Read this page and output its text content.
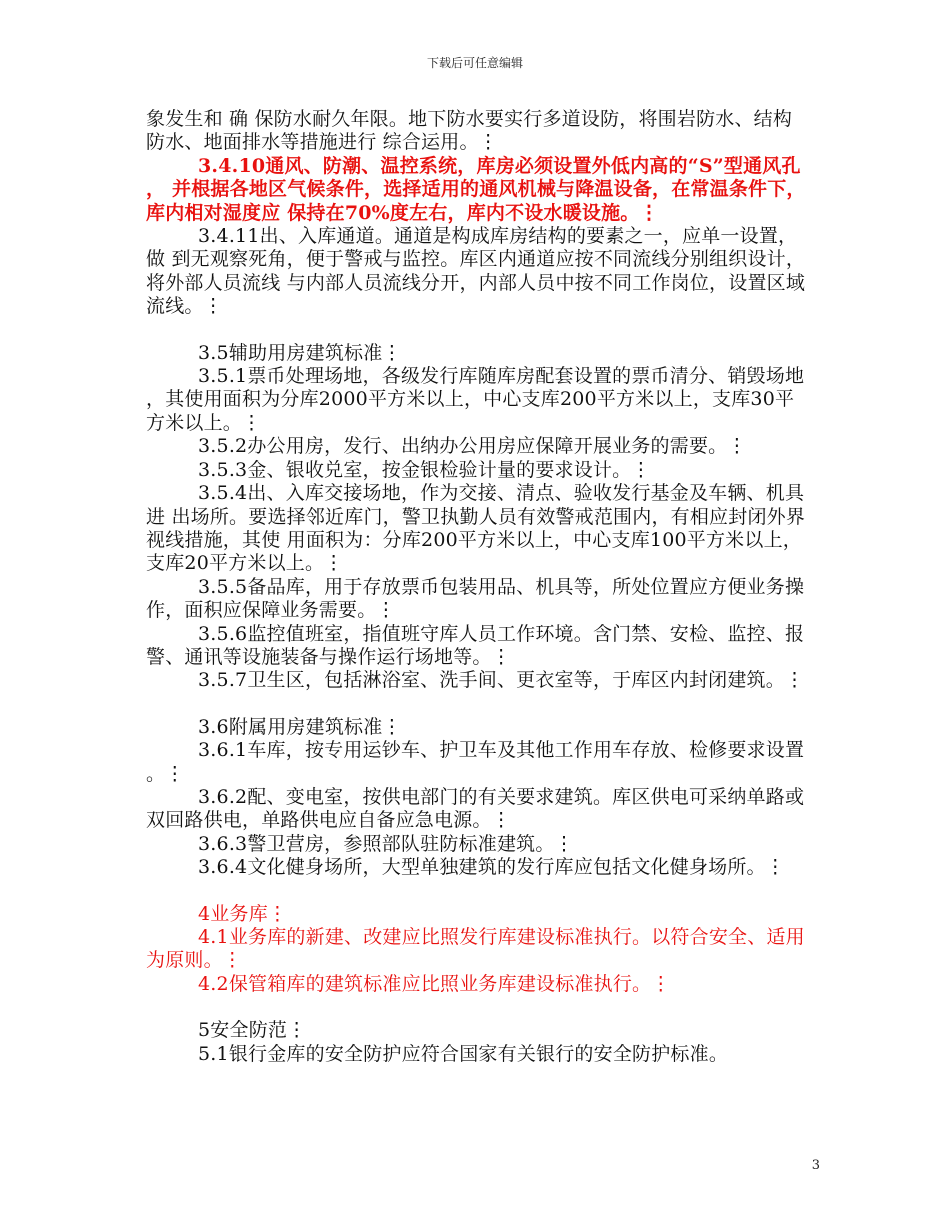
下载后可任意编辑

象发生和 确 保防水耐久年限。地下防水要实行多道设防，将围岩防水、结构防水、地面排水等措施进行 综合运用。⋮

3.4.10通风、防潮、温控系统，库房必须设置外低内高的“S”型通风孔 ， 并根据各地区气候条件，选择适用的通风机械与降温设备，在常温条件下，库内相对湿度应 保持在70%度左右，库内不设水暖设施。⋮

3.4.11出、入库通道。通道是构成库房结构的要素之一，应单一设置， 做 到无观察死角，便于警戒与监控。库区内通道应按不同流线分别组织设计，将外部人员流线 与内部人员流线分开，内部人员中按不同工作岗位，设置区域流线。⋮

3.5辅助用房建筑标准⋮

3.5.1票币处理场地，各级发行库随库房配套设置的票币清分、销毁场地 ，其使用面积为分库2000平方米以上，中心支库200平方米以上，支库30平方米以上。⋮

3.5.2办公用房，发行、出纳办公用房应保障开展业务的需要。⋮

3.5.3金、银收兑室，按金银检验计量的要求设计。⋮

3.5.4出、入库交接场地，作为交接、清点、验收发行基金及车辆、机具 进 出场所。要选择邻近库门，警卫执勤人员有效警戒范围内，有相应封闭外界视线措施，其使 用面积为：分库200平方米以上，中心支库100平方米以上，支库20平方米以上。⋮

3.5.5备品库，用于存放票币包装用品、机具等，所处位置应方便业务操 作，面积应保障业务需要。⋮

3.5.6监控值班室，指值班守库人员工作环境。含门禁、安检、监控、报 警、通讯等设施装备与操作运行场地等。⋮

3.5.7卫生区，包括淋浴室、洗手间、更衣室等，于库区内封闭建筑。⋮

3.6附属用房建筑标准⋮

3.6.1车库，按专用运钞车、护卫车及其他工作用车存放、检修要求设置 。⋮

3.6.2配、变电室，按供电部门的有关要求建筑。库区供电可采纳单路或 双回路供电，单路供电应自备应急电源。⋮

3.6.3警卫营房，参照部队驻防标准建筑。⋮

3.6.4文化健身场所，大型单独建筑的发行库应包括文化健身场所。⋮

4业务库⋮

4.1业务库的新建、改建应比照发行库建设标准执行。以符合安全、适用 为原则。⋮

4.2保管箱库的建筑标准应比照业务库建设标准执行。⋮

5安全防范⋮

5.1银行金库的安全防护应符合国家有关银行的安全防护标准。

3
